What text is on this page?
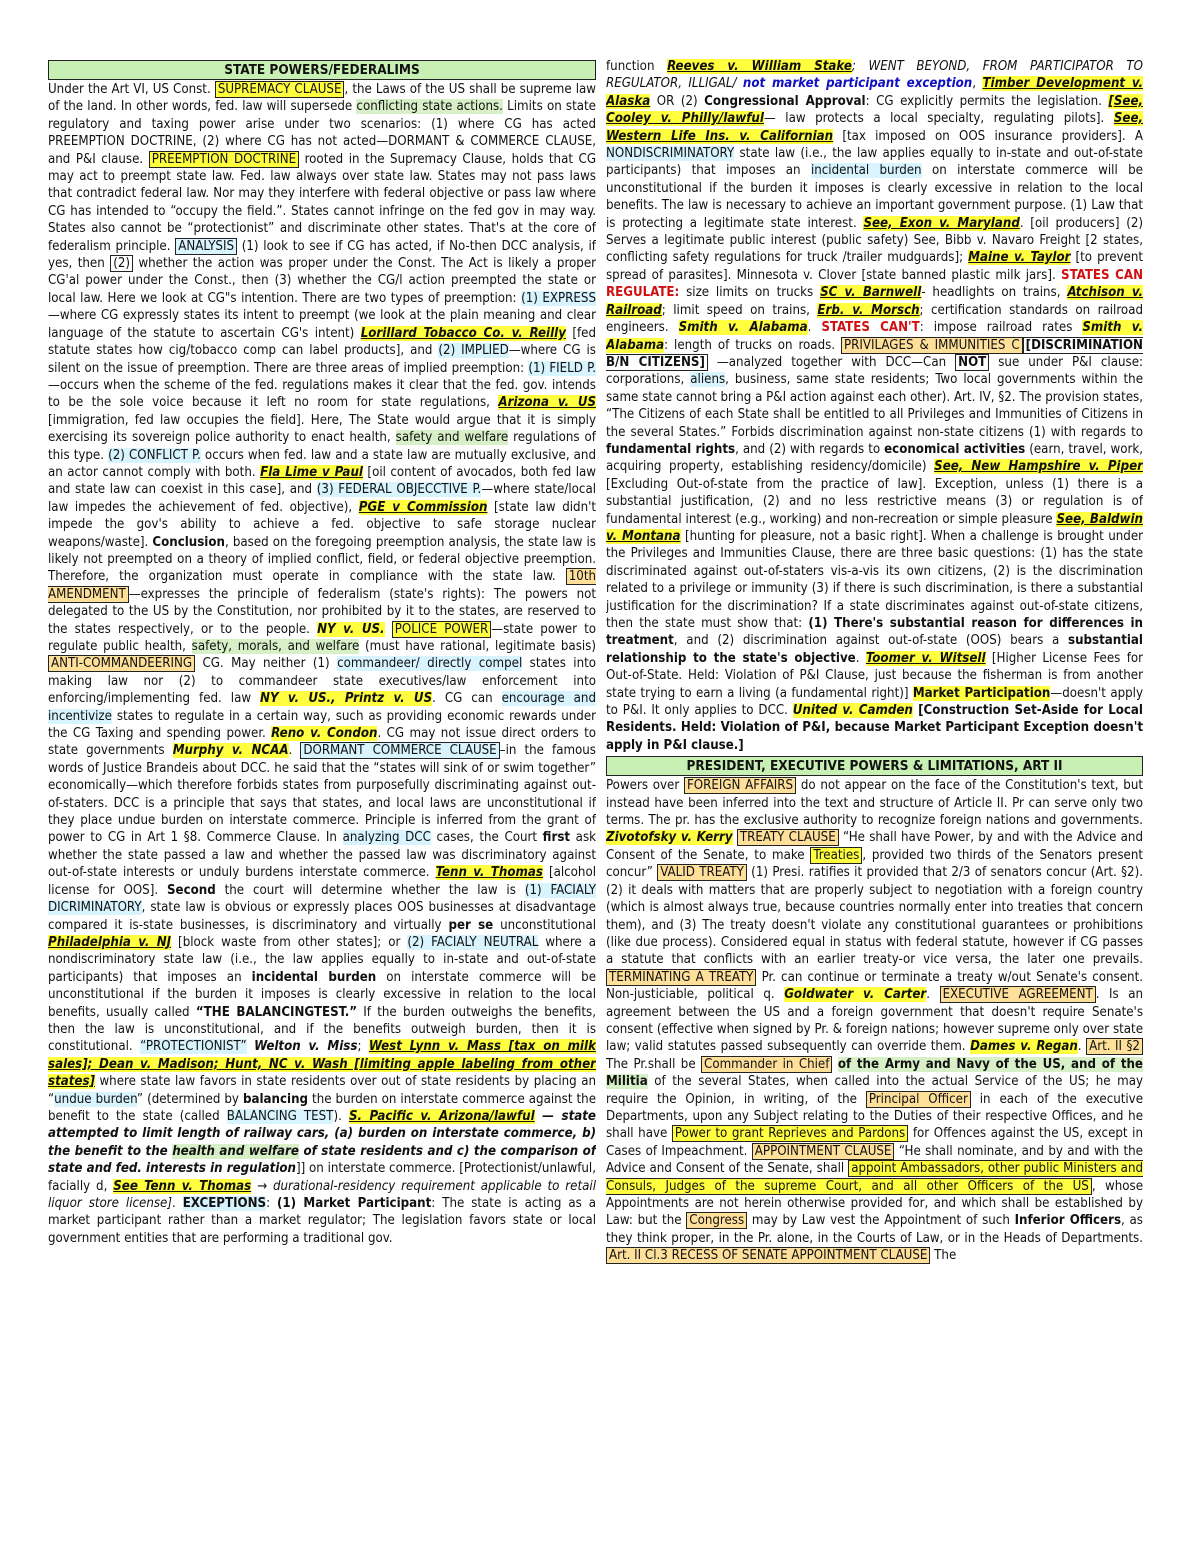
STATE POWERS/FEDERALIMS

Under the Art VI, US Const. SUPREMACY CLAUSE , the Laws of the US shall be supreme law of the land. In other words, fed. law will supersede conflicting state actions. Limits on state regulatory and taxing power arise under two scenarios: (1) where CG has acted PREEMPTION DOCTRINE, (2) where CG has not acted—DORMANT & COMMERCE CLAUSE, and P&I clause. PREEMPTION DOCTRINE rooted in the Supremacy Clause, holds that CG may act to preempt state law. Fed. law always over state law. States may not pass laws that contradict federal law. Nor may they interfere with federal objective or pass law where CG has intended to “occupy the field.”. States cannot infringe on the fed gov in may way. States also cannot be “protectionist” and discriminate other states. That's at the core of federalism principle. ANALYSIS (1) look to see if CG has acted, if No-then DCC analysis, if yes, then (2) whether the action was proper under the Const. The Act is likely a proper CG'al power under the Const., then (3) whether the CG/l action preempted the state or local law. Here we look at CG"s intention. There are two types of preemption: (1) EXPRESS—where CG expressly states its intent to preempt (we look at the plain meaning and clear language of the statute to ascertain CG's intent) Lorillard Tobacco Co. v. Reilly [fed statute states how cig/tobacco comp can label products], and (2) IMPLIED—where CG is silent on the issue of preemption. There are three areas of implied preemption: (1) FIELD P.—occurs when the scheme of the fed. regulations makes it clear that the fed. gov. intends to be the sole voice because it left no room for state regulations, Arizona v. US [immigration, fed law occupies the field]. Here, The State would argue that it is simply exercising its sovereign police authority to enact health, safety and welfare regulations of this type. (2) CONFLICT P. occurs when fed. law and a state law are mutually exclusive, and an actor cannot comply with both. Fla Lime v Paul [oil content of avocados, both fed law and state law can coexist in this case], and (3) FEDERAL OBJECCTIVE P.—where state/local law impedes the achievement of fed. objective), PGE v Commission [state law didn't impede the gov's ability to achieve a fed. objective to safe storage nuclear weapons/waste]. Conclusion, based on the foregoing preemption analysis, the state law is likely not preempted on a theory of implied conflict, field, or federal objective preemption. Therefore, the organization must operate in compliance with the state law. 10th AMENDMENT —expresses the principle of federalism (state's rights): The powers not delegated to the US by the Constitution, nor prohibited by it to the states, are reserved to the states respectively, or to the people. NY v. US. POLICE POWER —state power to regulate public health, safety, morals, and welfare (must have rational, legitimate basis) ANTI-COMMANDEERING CG. May neither (1) commandeer/ directly compel states into making law nor (2) to commandeer state executives/law enforcement into enforcing/implementing fed. law NY v. US., Printz v. US. CG can encourage and incentivize states to regulate in a certain way, such as providing economic rewards under the CG Taxing and spending power. Reno v. Condon. CG may not issue direct orders to state governments Murphy v. NCAA. DORMANT COMMERCE CLAUSE –in the famous words of Justice Brandeis about DCC. he said that the “states will sink of or swim together” economically—which therefore forbids states from purposefully discriminating against out-of-staters. DCC is a principle that says that states, and local laws are unconstitutional if they place undue burden on interstate commerce. Principle is inferred from the grant of power to CG in Art 1 §8. Commerce Clause. In analyzing DCC cases, the Court first ask whether the state passed a law and whether the passed law was discriminatory against out-of-state interests or unduly burdens interstate commerce. Tenn v. Thomas [alcohol license for OOS]. Second the court will determine whether the law is (1) FACIALY DICRIMINATORY, state law is obvious or expressly places OOS businesses at disadvantage compared it is-state businesses, is discriminatory and virtually per se unconstitutional Philadelphia v. NJ [block waste from other states]; or (2) FACIALY NEUTRAL where a nondiscriminatory state law (i.e., the law applies equally to in-state and out-of-state participants) that imposes an incidental burden on interstate commerce will be unconstitutional if the burden it imposes is clearly excessive in relation to the local benefits, usually called “THE BALANCINGTEST.” If the burden outweighs the benefits, then the law is unconstitutional, and if the benefits outweigh burden, then it is constitutional. “PROTECTIONIST” Welton v. Miss; West Lynn v. Mass [tax on milk sales]; Dean v. Madison; Hunt, NC v. Wash [limiting apple labeling from other states] where state law favors in state residents over out of state residents by placing an “undue burden” (determined by balancing the burden on interstate commerce against the benefit to the state (called BALANCING TEST). S. Pacific v. Arizona/lawful — state attempted to limit length of railway cars, (a) burden on interstate commerce, b) the benefit to the health and welfare of state residents and c) the comparison of state and fed. interests in regulation]] on interstate commerce. [Protectionist/unlawful, facially d, See Tenn v. Thomas → durational-residency requirement applicable to retail liquor store license]. EXCEPTIONS: (1) Market Participant: The state is acting as a market participant rather than a market regulator; The legislation favors state or local government entities that are performing a traditional gov.

function Reeves v. William Stake; WENT BEYOND, FROM PARTICIPATOR TO REGULATOR, ILLIGAL/ not market participant exception, Timber Development v. Alaska OR (2) Congressional Approval: CG explicitly permits the legislation. [See, Cooley v. Philly/lawful— law protects a local specialty, regulating pilots]. See, Western Life Ins. v. Californian [tax imposed on OOS insurance providers]. A NONDISCRIMINATORY state law (i.e., the law applies equally to in-state and out-of-state participants) that imposes an incidental burden on interstate commerce will be unconstitutional if the burden it imposes is clearly excessive in relation to the local benefits. The law is necessary to achieve an important government purpose. (1) Law that is protecting a legitimate state interest. See, Exon v. Maryland. [oil producers] (2) Serves a legitimate public interest (public safety) See, Bibb v. Navaro Freight [2 states, conflicting safety regulations for truck /trailer mudguards]; Maine v. Taylor [to prevent spread of parasites]. Minnesota v. Clover [state banned plastic milk jars]. STATES CAN REGULATE: size limits on trucks SC v. Barnwell- headlights on trains, Atchison v. Railroad; limit speed on trains, Erb. v. Morsch; certification standards on railroad engineers. Smith v. Alabama. STATES CAN'T: impose railroad rates Smith v. Alabama: length of trucks on roads. PRIVILAGES & IMMUNITIES C [DISCRIMINATION B/N CITIZENS] —analyzed together with DCC—Can NOT sue under P&I clause: corporations, aliens, business, same state residents; Two local governments within the same state cannot bring a P&I action against each other). Art. IV, §2. The provision states, “The Citizens of each State shall be entitled to all Privileges and Immunities of Citizens in the several States.” Forbids discrimination against non-state citizens (1) with regards to fundamental rights, and (2) with regards to economical activities (earn, travel, work, acquiring property, establishing residency/domicile) See, New Hampshire v. Piper [Excluding Out-of-state from the practice of law]. Exception, unless (1) there is a substantial justification, (2) and no less restrictive means (3) or regulation is of fundamental interest (e.g., working) and non-recreation or simple pleasure See, Baldwin v. Montana [hunting for pleasure, not a basic right]. When a challenge is brought under the Privileges and Immunities Clause, there are three basic questions: (1) has the state discriminated against out-of-staters vis-a-vis its own citizens, (2) is the discrimination related to a privilege or immunity (3) if there is such discrimination, is there a substantial justification for the discrimination? If a state discriminates against out-of-state citizens, then the state must show that: (1) There's substantial reason for differences in treatment, and (2) discrimination against out-of-state (OOS) bears a substantial relationship to the state's objective. Toomer v. Witsell [Higher License Fees for Out-of-State. Held: Violation of P&I Clause, just because the fisherman is from another state trying to earn a living (a fundamental right)] Market Participation—doesn't apply to P&I. It only applies to DCC. United v. Camden [Construction Set-Aside for Local Residents. Held: Violation of P&I, because Market Participant Exception doesn't apply in P&I clause.]

PRESIDENT, EXECUTIVE POWERS & LIMITATIONS, ART II

Powers over FOREIGN AFFAIRS do not appear on the face of the Constitution's text, but instead have been inferred into the text and structure of Article II. Pr can serve only two terms. The pr. has the exclusive authority to recognize foreign nations and governments. Zivotofsky v. Kerry TREATY CLAUSE “He shall have Power, by and with the Advice and Consent of the Senate, to make Treaties , provided two thirds of the Senators present concur” VALID TREATY (1) Presi. ratifies it provided that 2/3 of senators concur (Art. §2). (2) it deals with matters that are properly subject to negotiation with a foreign country (which is almost always true, because countries normally enter into treaties that concern them), and (3) The treaty doesn't violate any constitutional guarantees or prohibitions (like due process). Considered equal in status with federal statute, however if CG passes a statute that conflicts with an earlier treaty-or vice versa, the later one prevails. TERMINATING A TREATY Pr. can continue or terminate a treaty w/out Senate's consent. Non-justiciable, political q. Goldwater v. Carter. EXECUTIVE AGREEMENT . Is an agreement between the US and a foreign government that doesn't require Senate's consent (effective when signed by Pr. & foreign nations; however supreme only over state law; valid statutes passed subsequently can override them. Dames v. Regan. Art. II §2 The Pr.shall be Commander in Chief of the Army and Navy of the US, and of the Militia of the several States, when called into the actual Service of the US; he may require the Opinion, in writing, of the Principal Officer in each of the executive Departments, upon any Subject relating to the Duties of their respective Offices, and he shall have Power to grant Reprieves and Pardons for Offences against the US, except in Cases of Impeachment. APPOINTMENT CLAUSE “He shall nominate, and by and with the Advice and Consent of the Senate, shall appoint Ambassadors, other public Ministers and Consuls, Judges of the supreme Court, and all other Officers of the US , whose Appointments are not herein otherwise provided for, and which shall be established by Law: but the Congress may by Law vest the Appointment of such Inferior Officers, as they think proper, in the Pr. alone, in the Courts of Law, or in the Heads of Departments. Art. II Cl.3 RECESS OF SENATE APPOINTMENT CLAUSE The
